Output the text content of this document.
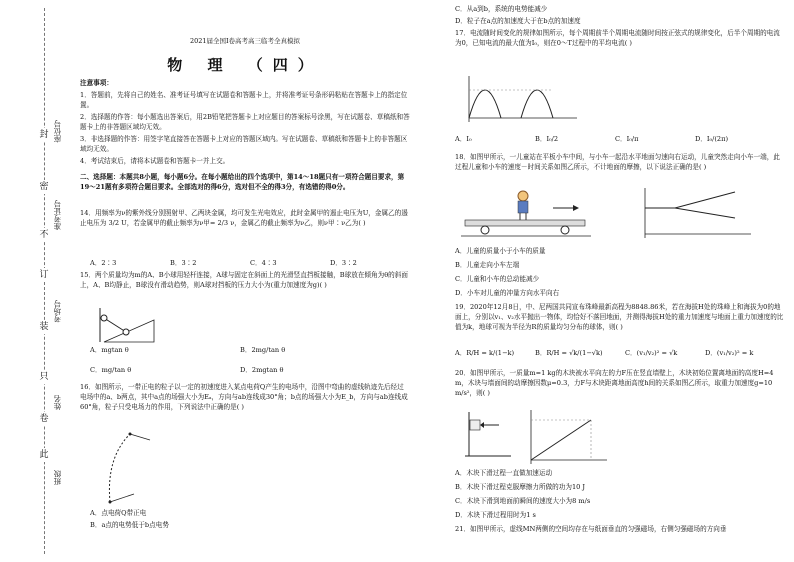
封
密
不
订
装
只
卷
此
座位号
准考证号
考场号
姓名
班级
2021届全国Ⅰ卷高考高三临考全真模拟
物 理 （四）

注意事项：

1．答题前，先将自己的姓名、准考证号填写在试题卷和答题卡上，并将准考证号条形码粘贴在答题卡上的指定位置。

2．选择题的作答：每小题选出答案后，用2B铅笔把答题卡上对应题目的答案标号涂黑，写在试题卷、草稿纸和答题卡上的非答题区域均无效。

3．非选择题的作答：用签字笔直接答在答题卡上对应的答题区域内。写在试题卷、草稿纸和答题卡上的非答题区域均无效。

4．考试结束后，请将本试题卷和答题卡一并上交。

二、选择题：本题共8小题，每小题6分。在每小题给出的四个选项中，第14～18题只有一项符合题目要求，第19～21题有多项符合题目要求。全部选对的得6分，选对但不全的得3分，有选错的得0分。

14．用频率为ν的紫外线分别照射甲、乙两块金属，均可发生光电效应，此时金属甲的遏止电压为U，金属乙的遏止电压为 3/2 U，若金属甲的截止频率为ν甲= 2/3 ν，金属乙的截止频率为ν乙，则ν甲∶ν乙为( )

A．2∶3	B．3∶2	C．4∶3	D．3∶2

15．两个质量均为m的A、B小球用轻杆连接，A球与固定在斜面上的光滑竖直挡板接触，B球放在倾角为θ的斜面上，A、B均静止，B球没有滑动趋势，则A球对挡板的压力大小为(重力加速度为g)( )

A．mgtan θ	B．2mg/tan θ
C．mg/tan θ	D．2mgtan θ

16．如图所示，一带正电的粒子以一定的初速度进入某点电荷Q产生的电场中，沿图中弯曲的虚线轨迹先后经过电场中的a、b两点，其中a点的场强大小为Eₐ，方向与ab连线成30°角；b点的场强大小为E_b，方向与ab连线成60°角，粒子只受电场力的作用，下列说法中正确的是( )

A．点电荷Q带正电
B．a点的电势低于b点电势
C．从a到b，系统的电势能减少
D．粒子在a点的加速度大于在b点的加速度

17．电流随时间变化的规律如图所示，每个周期前半个周期电流随时间按正弦式的规律变化，后半个周期的电流为0，已知电流的最大值为I₀，则在0～T过程中的平均电流( )

A．I₀	B．I₀/2	C．I₀/π	D．I₀/(2π)

18．如图甲所示，一儿童站在平板小车中间，与小车一起沿水平地面匀速向右运动，儿童突然走向小车一端，此过程儿童和小车的速度－时间关系如图乙所示，不计地面的摩擦，以下说法正确的是( )

A．儿童的质量小于小车的质量
B．儿童走向小车左端
C．儿童和小车的总动能减少
D．小车对儿童的冲量方向水平向右

19．2020年12月8日，中、尼两国共同宣布珠峰最新高程为8848.86米，若在海拔H处的珠峰上和海拔为0的地面上，分别以v₁、v₂水平抛出一物体，均恰好不落回地面，并测得海拔H处的重力加速度与地面上重力加速度的比值为k，地球可视为半径为R的质量均匀分布的球体，则( )

A．R/H = k/(1−k)	B．R/H = √k/(1−√k)	C．(v₁/v₂)² = √k	D．(v₁/v₂)² = k

20．如图甲所示，一质量m=1 kg的木块被水平向左的力F压在竖直墙壁上，木块初始位置离地面的高度H=4 m，木块与墙面间的动摩擦因数μ=0.3，力F与木块距离地面高度h间的关系如图乙所示，取重力加速度g=10 m/s²，则( )

A．木块下滑过程一直做加速运动
B．木块下滑过程克服摩擦力所做的功为10 J
C．木块下滑到地面前瞬间的速度大小为8 m/s
D．木块下滑过程用时为1 s

21．如图甲所示，虚线MN两侧的空间均存在与纸面垂直的匀强磁场，右侧匀强磁场的方向垂
